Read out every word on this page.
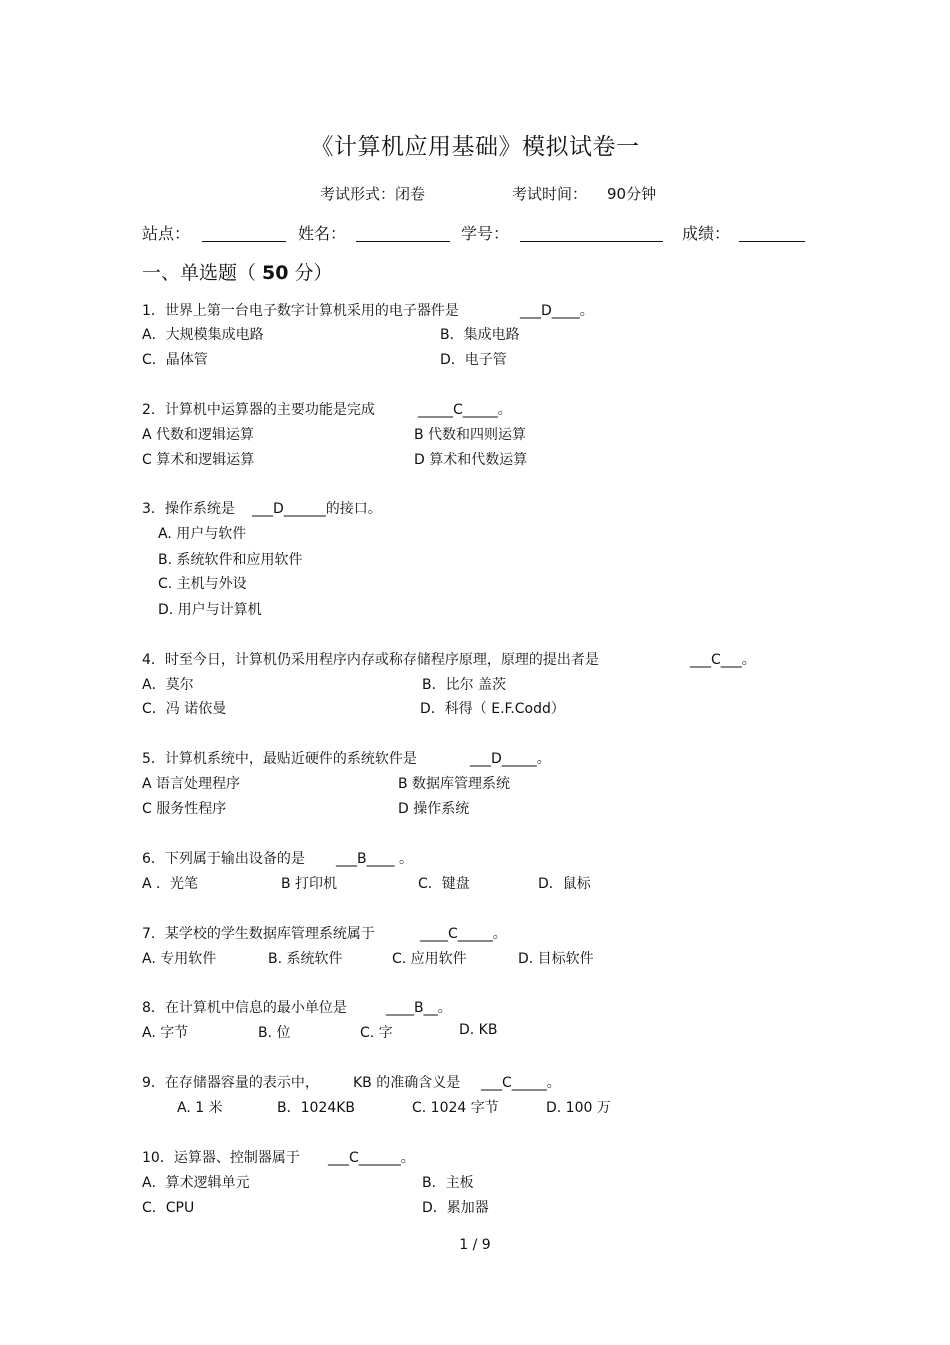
《计算机应用基础》模拟试卷一
考试形式：闭卷	考试时间： 90分钟
站点：	姓名：	学号：	成绩：
一、单选题（ 50 分）
1．世界上第一台电子数字计算机采用的电子器件是	___D____。
A．大规模集成电路	B．集成电路
C．晶体管	D．电子管
2．计算机中运算器的主要功能是完成	_____C_____。
A 代数和逻辑运算	B 代数和四则运算
C 算术和逻辑运算	D 算术和代数运算
3．操作系统是 ___D______的接口。
A. 用户与软件
B. 系统软件和应用软件
C. 主机与外设
D. 用户与计算机
4．时至今日，计算机仍采用程序内存或称存储程序原理，原理的提出者是	___C___。
A．莫尔	B．比尔 盖茨
C．冯 诺依曼	D．科得（ E.F.Codd）
5．计算机系统中，最贴近硬件的系统软件是	___D_____。
A 语言处理程序	B 数据库管理系统
C 服务性程序	D 操作系统
6．下列属于输出设备的是 ___B____ 。
A ．光笔	B 打印机	C．键盘	D．鼠标
7．某学校的学生数据库管理系统属于	____C_____。
A. 专用软件	B. 系统软件	C. 应用软件	D. 目标软件
8．在计算机中信息的最小单位是	____B__。
A. 字节	B. 位	C. 字	D. KB
9．在存储器容量的表示中， KB 的准确含义是 ___C_____。
A. 1 米	B．1024KB	C. 1024 字节	D. 100 万
10．运算器、控制器属于 ___C______。
A．算术逻辑单元	B．主板
C．CPU	D．累加器
1 / 9
